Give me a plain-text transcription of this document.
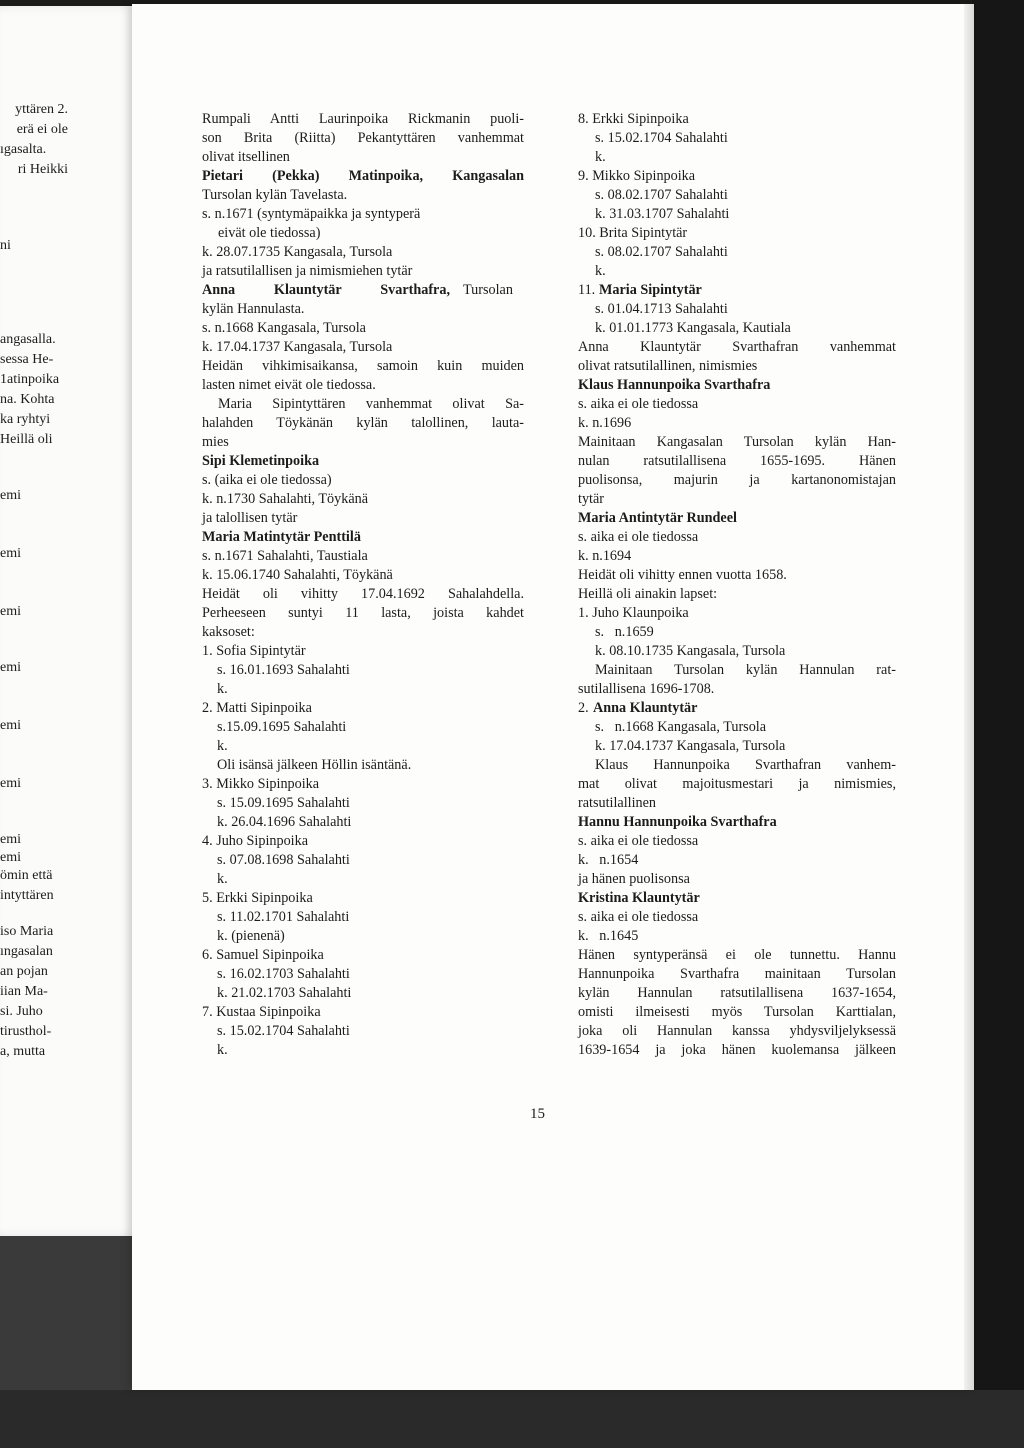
yttären 2.
erä ei ole
ıgasalta.
ri Heikki
ni
angasalla.
sessa He-
1atinpoika
na. Kohta
ka ryhtyi
Heillä oli
emi
emi
emi
emi
emi
emi
emi
emi
ömin että
intyttären
iso Maria
ıngasalan
an pojan
iian Ma-
si. Juho
tirusthol-
a, mutta
Rumpali Antti Laurinpoika Rickmanin puoli-
son Brita (Riitta) Pekantyttären vanhemmat
olivat itsellinen
Pietari (Pekka) Matinpoika, Kangasalan
Tursolan kylän Tavelasta.
s. n.1671 (syntymäpaikka ja syntyperä
eivät ole tiedossa)
k. 28.07.1735 Kangasala, Tursola
ja ratsutilallisen ja nimismiehen tytär
Anna Klauntytär Svarthafra, Tursolan
kylän Hannulasta.
s. n.1668 Kangasala, Tursola
k. 17.04.1737 Kangasala, Tursola
Heidän vihkimisaikansa, samoin kuin muiden
lasten nimet eivät ole tiedossa.
Maria Sipintyttären vanhemmat olivat Sa-
halahden Töykänän kylän talollinen, lauta-
mies
Sipi Klemetinpoika
s. (aika ei ole tiedossa)
k. n.1730 Sahalahti, Töykänä
ja talollisen tytär
Maria Matintytär Penttilä
s. n.1671 Sahalahti, Taustiala
k. 15.06.1740 Sahalahti, Töykänä
Heidät oli vihitty 17.04.1692 Sahalahdella.
Perheeseen suntyi 11 lasta, joista kahdet
kaksoset:
1. Sofia Sipintytär
s. 16.01.1693 Sahalahti
k.
2. Matti Sipinpoika
s.15.09.1695 Sahalahti
k.
Oli isänsä jälkeen Höllin isäntänä.
3. Mikko Sipinpoika
s. 15.09.1695 Sahalahti
k. 26.04.1696 Sahalahti
4. Juho Sipinpoika
s. 07.08.1698 Sahalahti
k.
5. Erkki Sipinpoika
s. 11.02.1701 Sahalahti
k. (pienenä)
6. Samuel Sipinpoika
s. 16.02.1703 Sahalahti
k. 21.02.1703 Sahalahti
7. Kustaa Sipinpoika
s. 15.02.1704 Sahalahti
k.
8. Erkki Sipinpoika
s. 15.02.1704 Sahalahti
k.
9. Mikko Sipinpoika
s. 08.02.1707 Sahalahti
k. 31.03.1707 Sahalahti
10. Brita Sipintytär
s. 08.02.1707 Sahalahti
k.
11. Maria Sipintytär
s. 01.04.1713 Sahalahti
k. 01.01.1773 Kangasala, Kautiala
Anna Klauntytär Svarthafran vanhemmat
olivat ratsutilallinen, nimismies
Klaus Hannunpoika Svarthafra
s. aika ei ole tiedossa
k. n.1696
Mainitaan Kangasalan Tursolan kylän Han-
nulan ratsutilallisena 1655-1695. Hänen
puolisonsa, majurin ja kartanonomistajan
tytär
Maria Antintytär Rundeel
s. aika ei ole tiedossa
k. n.1694
Heidät oli vihitty ennen vuotta 1658.
Heillä oli ainakin lapset:
1. Juho Klaunpoika
s.   n.1659
k. 08.10.1735 Kangasala, Tursola
Mainitaan Tursolan kylän Hannulan rat-
sutilallisena 1696-1708.
2. Anna Klauntytär
s.   n.1668 Kangasala, Tursola
k. 17.04.1737 Kangasala, Tursola
Klaus Hannunpoika Svarthafran vanhem-
mat olivat majoitusmestari ja nimismies,
ratsutilallinen
Hannu Hannunpoika Svarthafra
s. aika ei ole tiedossa
k.   n.1654
ja hänen puolisonsa
Kristina Klauntytär
s. aika ei ole tiedossa
k.   n.1645
Hänen syntyperänsä ei ole tunnettu. Hannu
Hannunpoika Svarthafra mainitaan Tursolan
kylän Hannulan ratsutilallisena 1637-1654,
omisti ilmeisesti myös Tursolan Karttialan,
joka oli Hannulan kanssa yhdysviljelyksessä
1639-1654 ja joka hänen kuolemansa jälkeen
15
